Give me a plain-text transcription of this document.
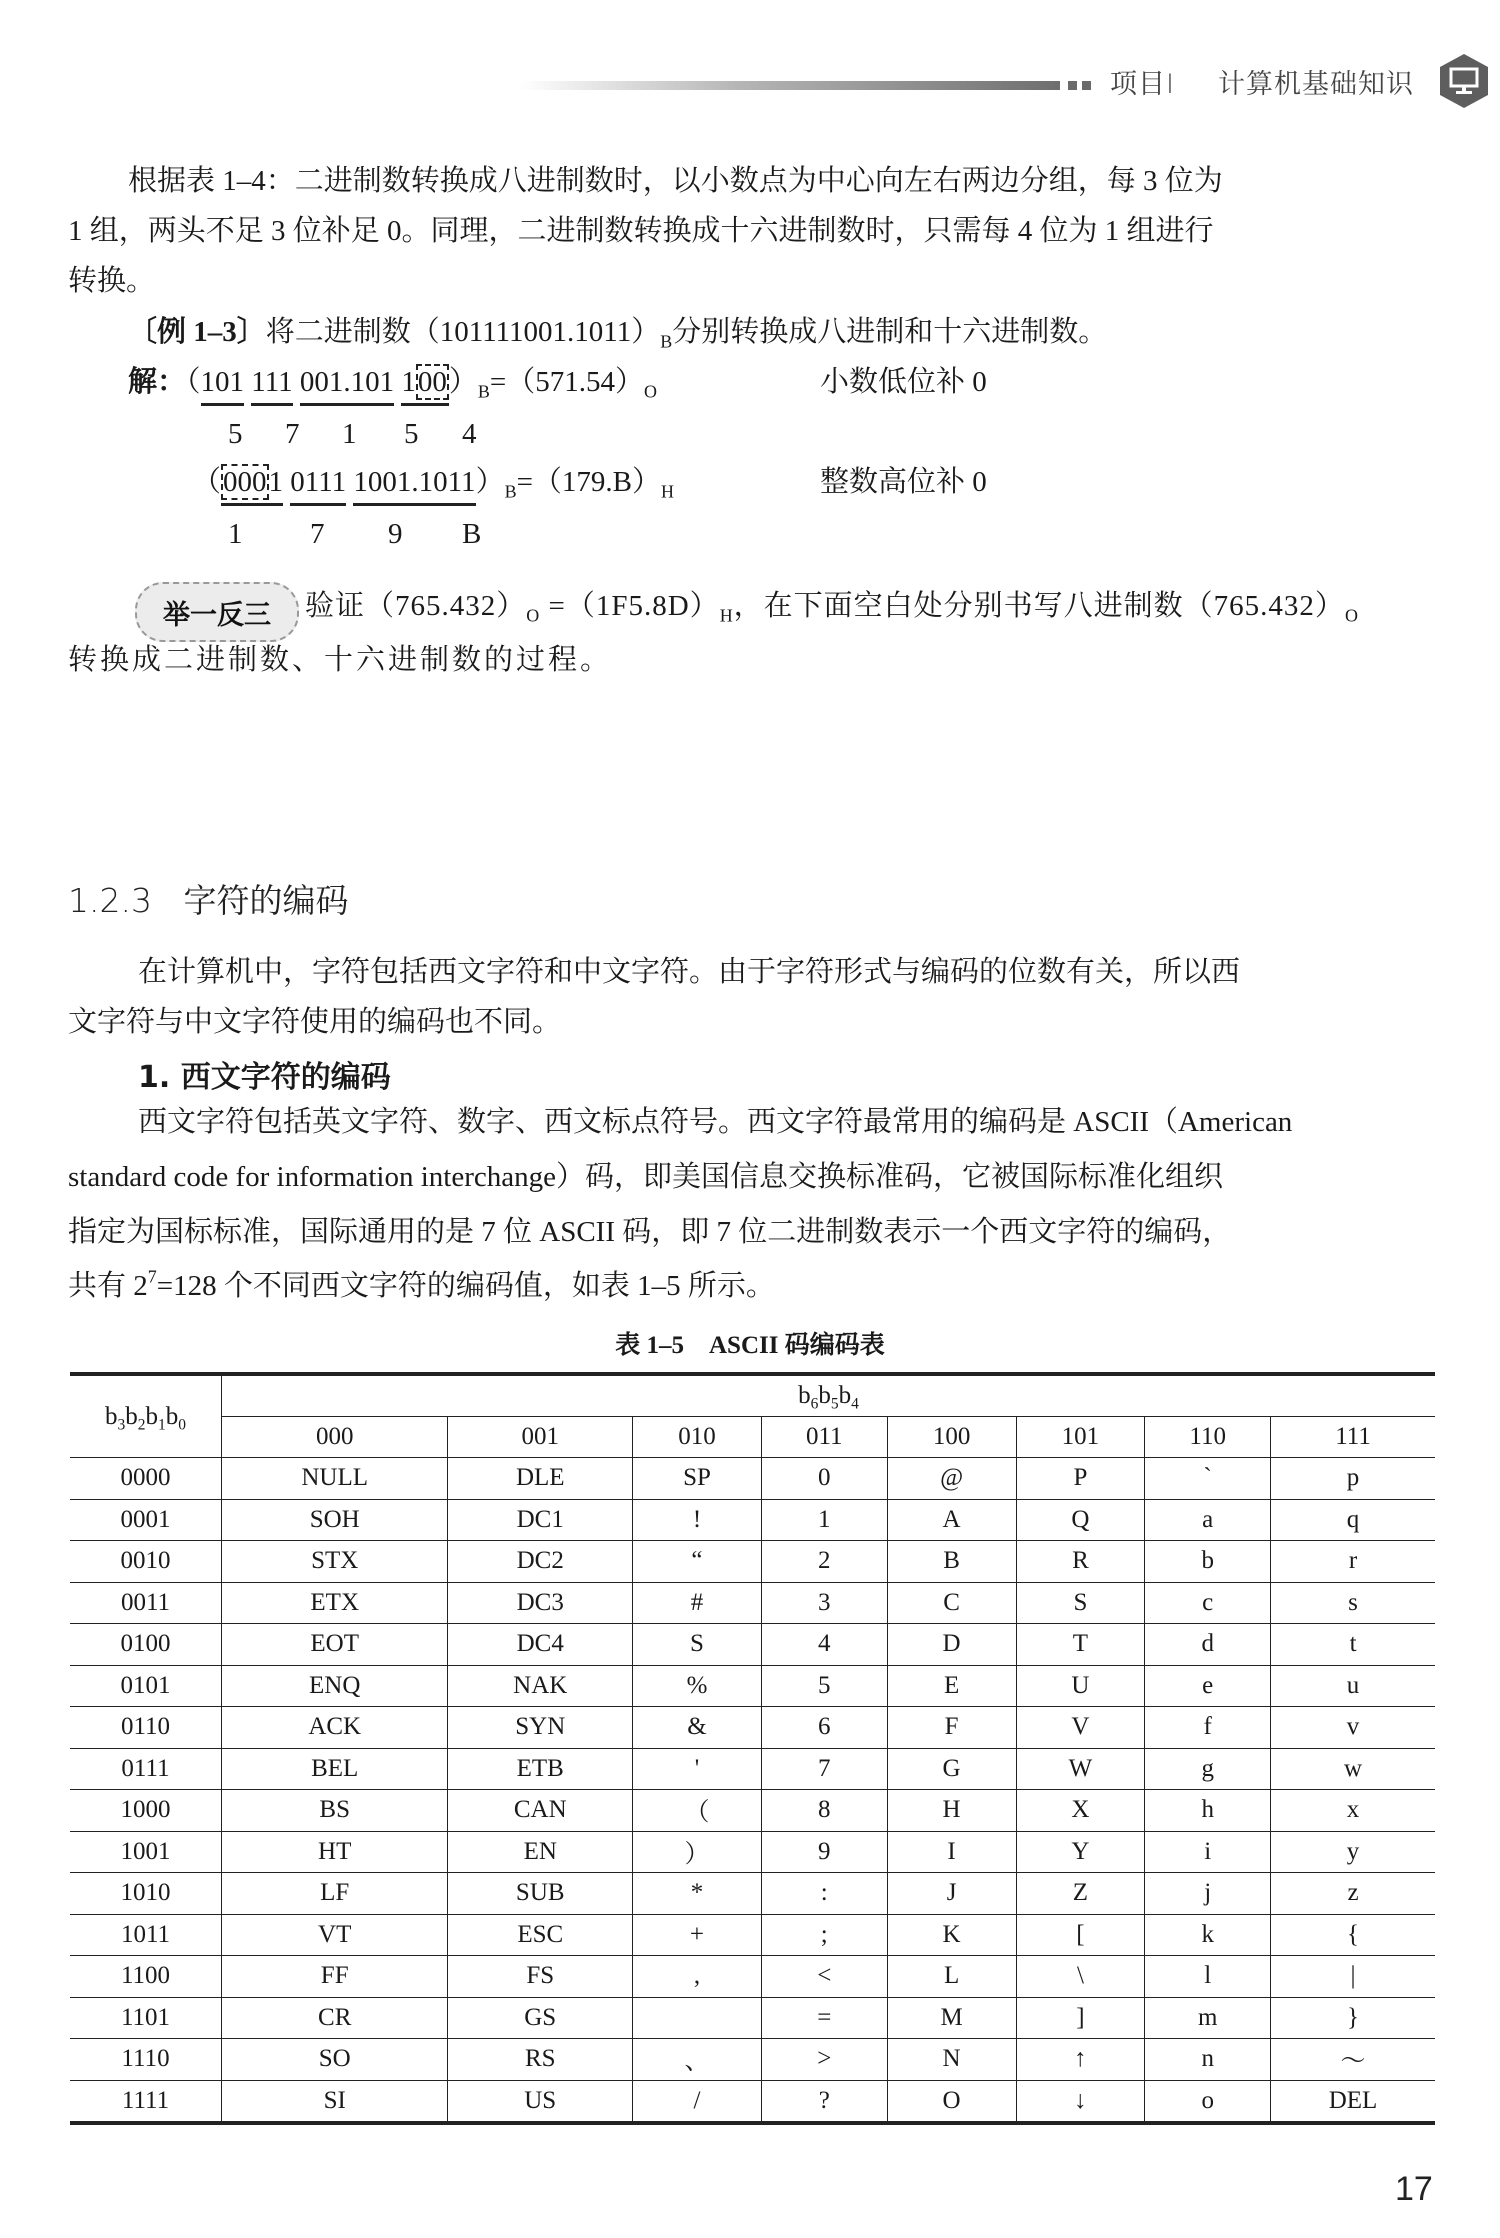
项目Ⅰ 计算机基础知识
根据表 1–4：二进制数转换成八进制数时，以小数点为中心向左右两边分组，每 3 位为
1 组，两头不足 3 位补足 0。同理，二进制数转换成十六进制数时，只需每 4 位为 1 组进行
转换。
〔例 1–3〕将二进制数$(101111001.1011)_B$分别转换成八进制和十六进制数。
解：（101 111 001.101 $100)_B=(571.54)_O$	小数低位补 0
5 7 1 5 4
（0001 0111 $1001.1011)_B=(179.B)_H$	整数高位补 0
1 7 9 B
举一反三	验证$(765.432)_O =(1F5.8D)_H$，在下面空白处分别书写八进制数$(765.432)_O$
转换成二进制数、十六进制数的过程。
1.2.3 字符的编码
在计算机中，字符包括西文字符和中文字符。由于字符形式与编码的位数有关，所以西
文字符与中文字符使用的编码也不同。
1. 西文字符的编码
西文字符包括英文字符、数字、西文标点符号。西文字符最常用的编码是 ASCII（American
standard code for information interchange）码，即美国信息交换标准码，它被国际标准化组织
指定为国标标准，国际通用的是 7 位 ASCII 码，即 7 位二进制数表示一个西文字符的编码，
共有 $2^7=128$ 个不同西文字符的编码值，如表 1–5 所示。
表 1–5　ASCII 码编码表
$b_3b_2b_1b_0$	$b_6b_5b_4$
	000	001	010	011	100	101	110	111
0000	NULL	DLE	SP	0	@	P	`	p
0001	SOH	DC1	!	1	A	Q	a	q
0010	STX	DC2	“	2	B	R	b	r
0011	ETX	DC3	#	3	C	S	c	s
0100	EOT	DC4	S	4	D	T	d	t
0101	ENQ	NAK	%	5	E	U	e	u
0110	ACK	SYN	&	6	F	V	f	v
0111	BEL	ETB	'	7	G	W	g	w
1000	BS	CAN	（	8	H	X	h	x
1001	HT	EN	）	9	I	Y	i	y
1010	LF	SUB	*	:	J	Z	j	z
1011	VT	ESC	+	;	K	[	k	{
1100	FF	FS	,	<	L	\	l	|
1101	CR	GS		=	M	]	m	}
1110	SO	RS	、	>	N	↑	n	～
1111	SI	US	/	?	O	↓	o	DEL
17
